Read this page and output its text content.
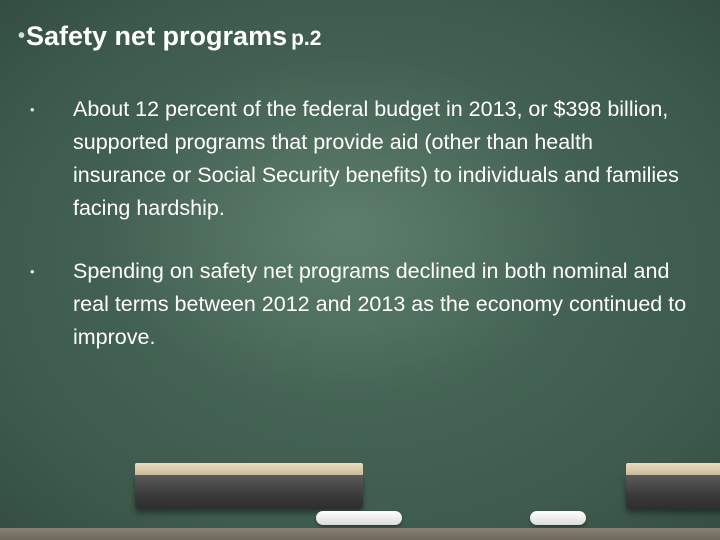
•Safety net programs p.2
• About 12 percent of the federal budget in 2013, or $398 billion, supported programs that provide aid (other than health insurance or Social Security benefits) to individuals and families facing hardship.
• Spending on safety net programs declined in both nominal and real terms between 2012 and 2013 as the economy continued to improve.
